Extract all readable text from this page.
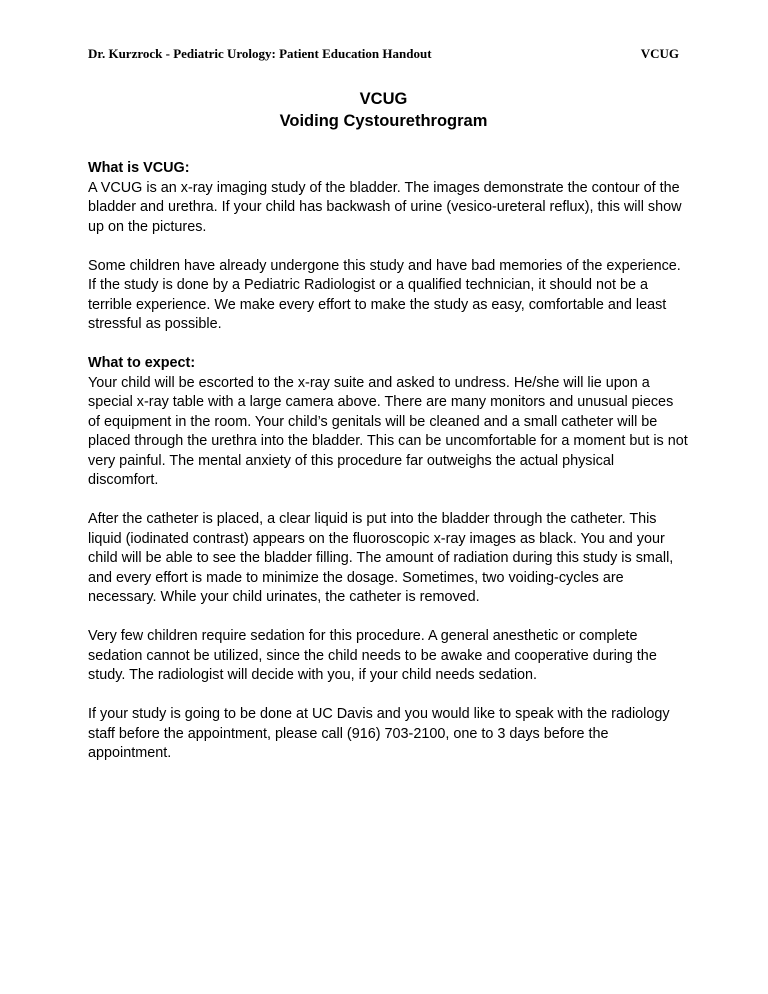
Dr. Kurzrock - Pediatric Urology: Patient Education Handout	VCUG
VCUG
Voiding Cystourethrogram
What is VCUG:

A VCUG is an x-ray imaging study of the bladder. The images demonstrate the contour of the bladder and urethra. If your child has backwash of urine (vesico-ureteral reflux), this will show up on the pictures.

Some children have already undergone this study and have bad memories of the experience. If the study is done by a Pediatric Radiologist or a qualified technician, it should not be a terrible experience. We make every effort to make the study as easy, comfortable and least stressful as possible.

What to expect:

Your child will be escorted to the x-ray suite and asked to undress. He/she will lie upon a special x-ray table with a large camera above. There are many monitors and unusual pieces of equipment in the room. Your child’s genitals will be cleaned and a small catheter will be placed through the urethra into the bladder. This can be uncomfortable for a moment but is not very painful. The mental anxiety of this procedure far outweighs the actual physical discomfort.

After the catheter is placed, a clear liquid is put into the bladder through the catheter. This liquid (iodinated contrast) appears on the fluoroscopic x-ray images as black. You and your child will be able to see the bladder filling. The amount of radiation during this study is small, and every effort is made to minimize the dosage. Sometimes, two voiding-cycles are necessary. While your child urinates, the catheter is removed.

Very few children require sedation for this procedure. A general anesthetic or complete sedation cannot be utilized, since the child needs to be awake and cooperative during the study. The radiologist will decide with you, if your child needs sedation.

If your study is going to be done at UC Davis and you would like to speak with the radiology staff before the appointment, please call (916) 703-2100, one to 3 days before the appointment.
